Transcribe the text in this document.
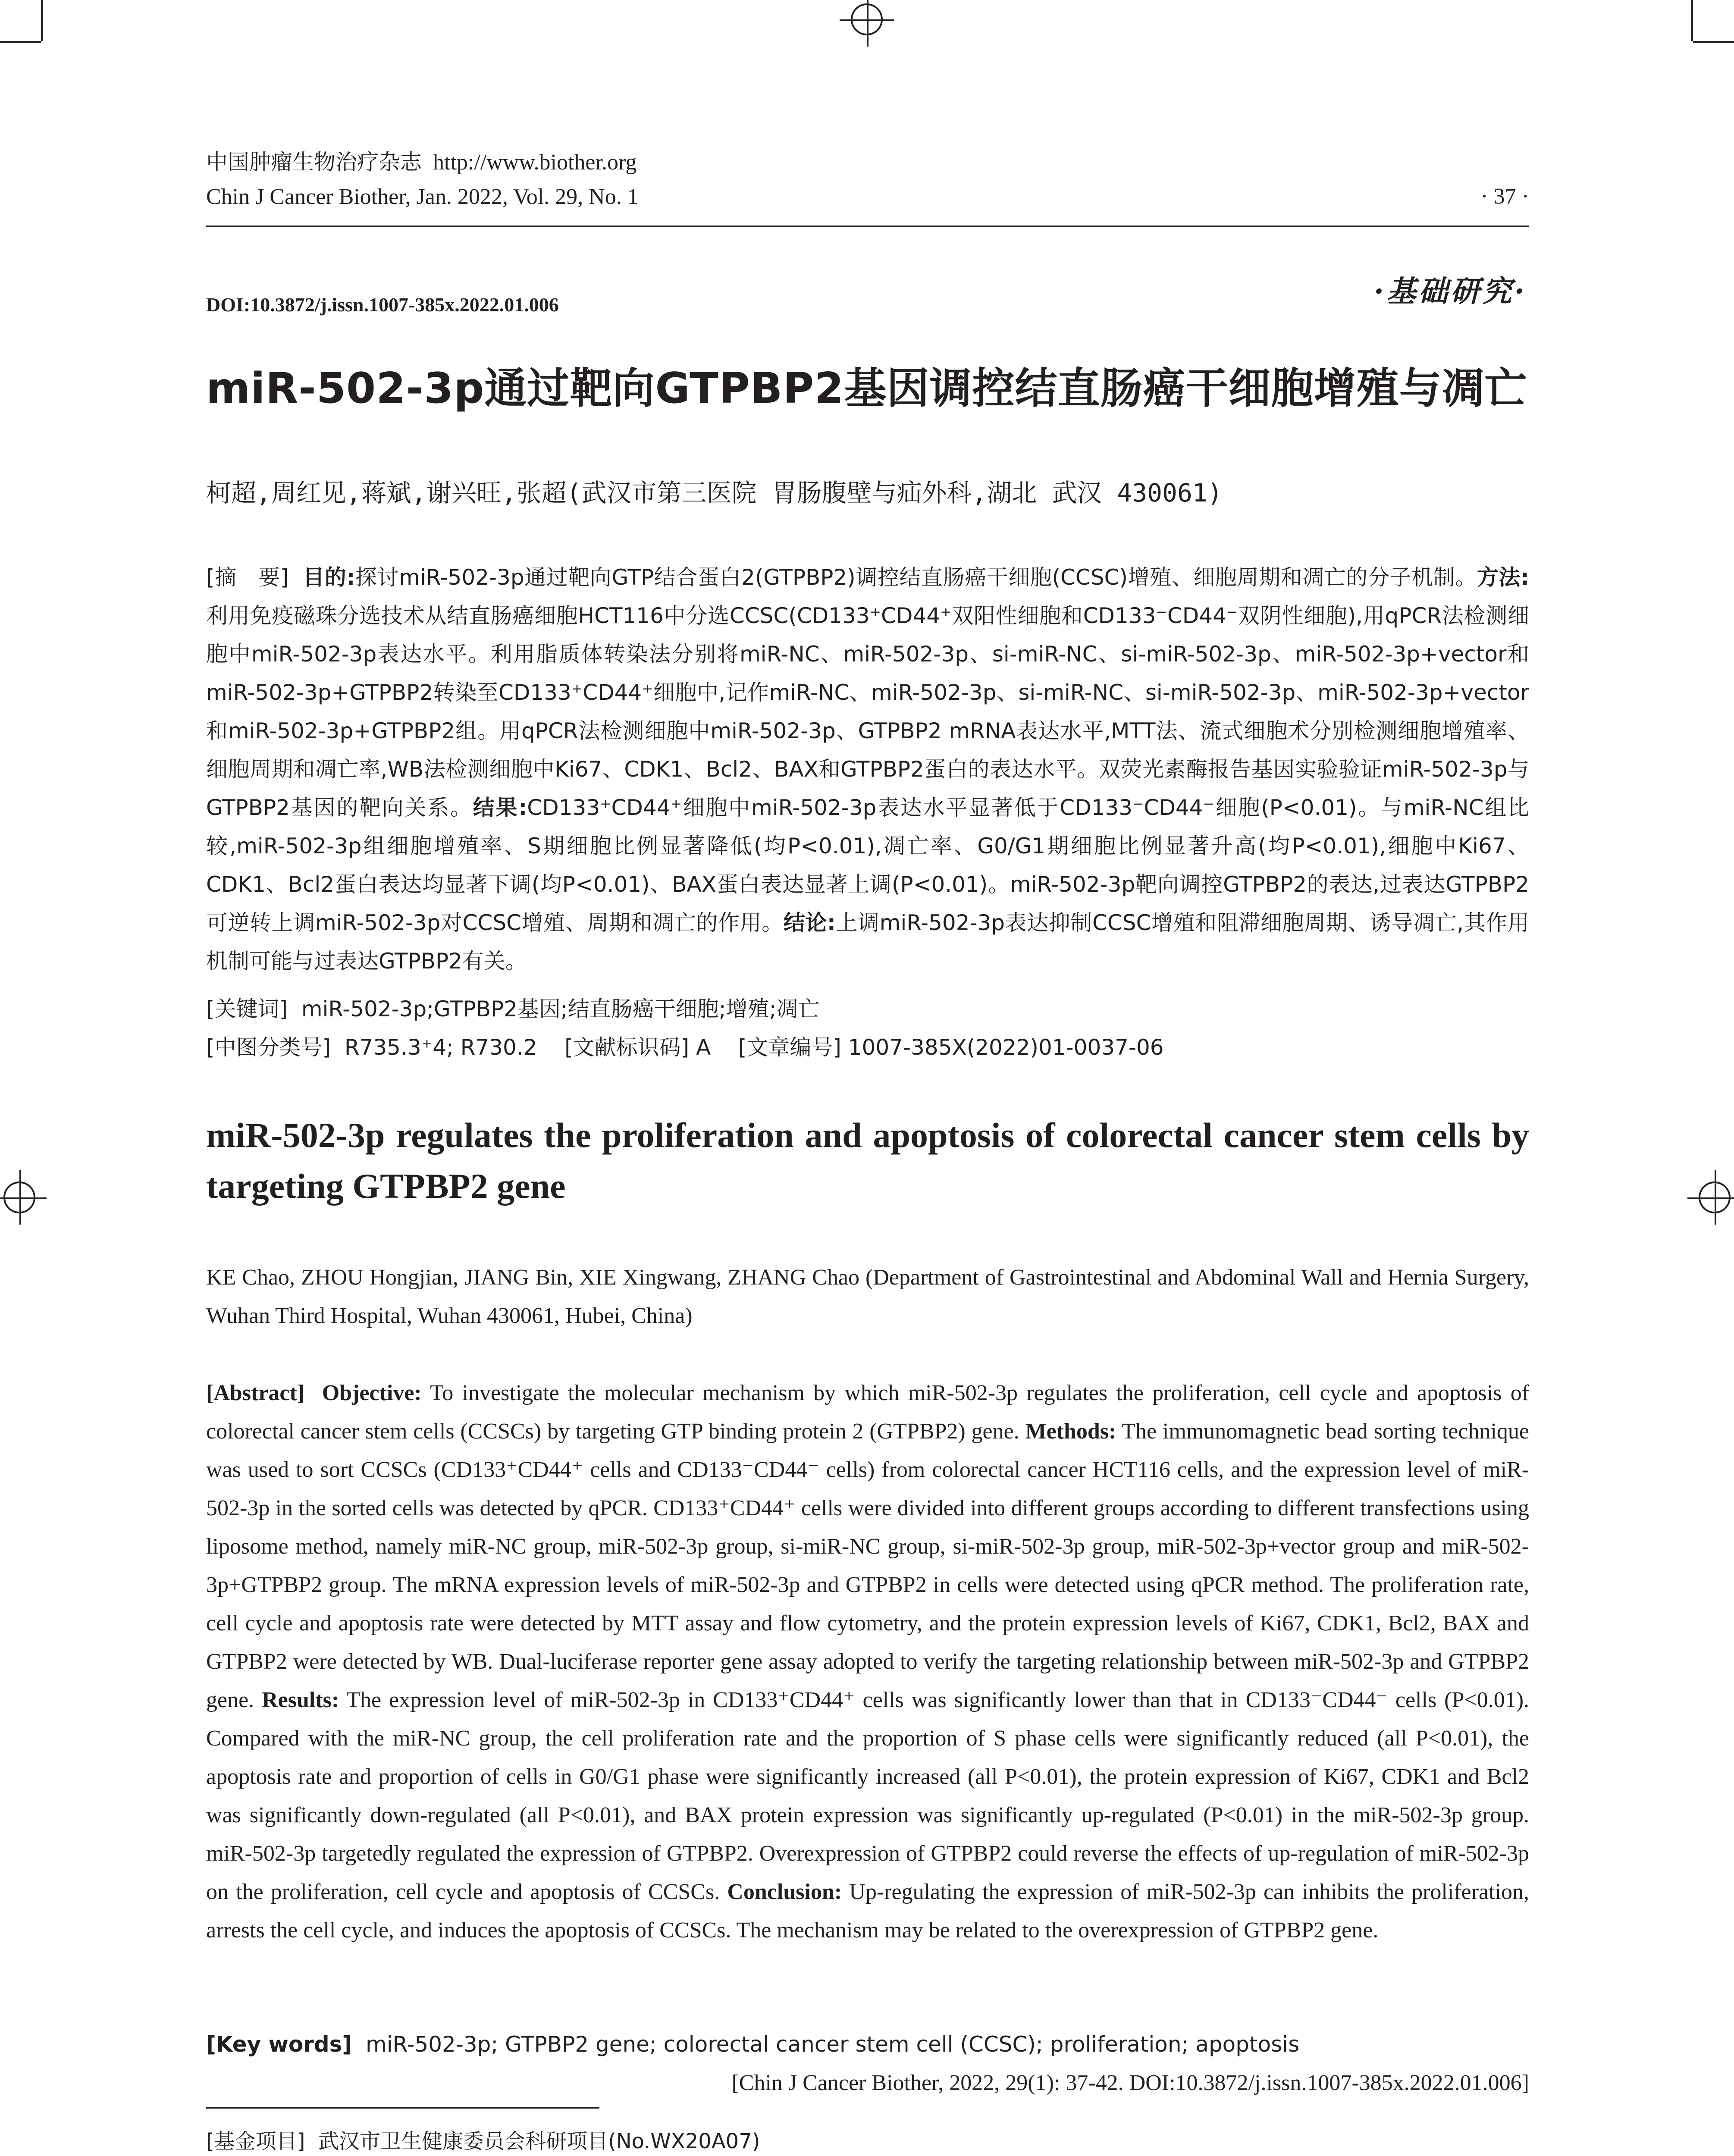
中国肿瘤生物治疗杂志 http://www.biother.org
Chin J Cancer Biother, Jan. 2022, Vol. 29, No. 1	· 37 ·
DOI:10.3872/j.issn.1007-385x.2022.01.006	·基础研究·
miR-502-3p通过靶向GTPBP2基因调控结直肠癌干细胞增殖与凋亡
柯超,周红见,蒋斌,谢兴旺,张超(武汉市第三医院 胃肠腹壁与疝外科,湖北 武汉 430061)
[摘　要] 目的:探讨miR-502-3p通过靶向GTP结合蛋白2(GTPBP2)调控结直肠癌干细胞(CCSC)增殖、细胞周期和凋亡的分子机制。方法:利用免疫磁珠分选技术从结直肠癌细胞HCT116中分选CCSC(CD133⁺CD44⁺双阳性细胞和CD133⁻CD44⁻双阴性细胞),用qPCR法检测细胞中miR-502-3p表达水平。利用脂质体转染法分别将miR-NC、miR-502-3p、si-miR-NC、si-miR-502-3p、miR-502-3p+vector和miR-502-3p+GTPBP2转染至CD133⁺CD44⁺细胞中,记作miR-NC、miR-502-3p、si-miR-NC、si-miR-502-3p、miR-502-3p+vector和miR-502-3p+GTPBP2组。用qPCR法检测细胞中miR-502-3p、GTPBP2 mRNA表达水平,MTT法、流式细胞术分别检测细胞增殖率、细胞周期和凋亡率,WB法检测细胞中Ki67、CDK1、Bcl2、BAX和GTPBP2蛋白的表达水平。双荧光素酶报告基因实验验证miR-502-3p与GTPBP2基因的靶向关系。结果:CD133⁺CD44⁺细胞中miR-502-3p表达水平显著低于CD133⁻CD44⁻细胞(P<0.01)。与miR-NC组比较,miR-502-3p组细胞增殖率、S期细胞比例显著降低(均P<0.01),凋亡率、G0/G1期细胞比例显著升高(均P<0.01),细胞中Ki67、CDK1、Bcl2蛋白表达均显著下调(均P<0.01)、BAX蛋白表达显著上调(P<0.01)。miR-502-3p靶向调控GTPBP2的表达,过表达GTPBP2可逆转上调miR-502-3p对CCSC增殖、周期和凋亡的作用。结论:上调miR-502-3p表达抑制CCSC增殖和阻滞细胞周期、诱导凋亡,其作用机制可能与过表达GTPBP2有关。
[关键词] miR-502-3p;GTPBP2基因;结直肠癌干细胞;增殖;凋亡
[中图分类号] R735.3⁺4; R730.2 [文献标识码] A [文章编号] 1007-385X(2022)01-0037-06
miR-502-3p regulates the proliferation and apoptosis of colorectal cancer stem cells by targeting GTPBP2 gene
KE Chao, ZHOU Hongjian, JIANG Bin, XIE Xingwang, ZHANG Chao (Department of Gastrointestinal and Abdominal Wall and Hernia Surgery, Wuhan Third Hospital, Wuhan 430061, Hubei, China)
[Abstract] Objective: To investigate the molecular mechanism by which miR-502-3p regulates the proliferation, cell cycle and apoptosis of colorectal cancer stem cells (CCSCs) by targeting GTP binding protein 2 (GTPBP2) gene. Methods: The immunomagnetic bead sorting technique was used to sort CCSCs (CD133⁺CD44⁺ cells and CD133⁻CD44⁻ cells) from colorectal cancer HCT116 cells, and the expression level of miR-502-3p in the sorted cells was detected by qPCR. CD133⁺CD44⁺ cells were divided into different groups according to different transfections using liposome method, namely miR-NC group, miR-502-3p group, si-miR-NC group, si-miR-502-3p group, miR-502-3p+vector group and miR-502-3p+GTPBP2 group. The mRNA expression levels of miR-502-3p and GTPBP2 in cells were detected using qPCR method. The proliferation rate, cell cycle and apoptosis rate were detected by MTT assay and flow cytometry, and the protein expression levels of Ki67, CDK1, Bcl2, BAX and GTPBP2 were detected by WB. Dual-luciferase reporter gene assay adopted to verify the targeting relationship between miR-502-3p and GTPBP2 gene. Results: The expression level of miR-502-3p in CD133⁺CD44⁺ cells was significantly lower than that in CD133⁻CD44⁻ cells (P<0.01). Compared with the miR-NC group, the cell proliferation rate and the proportion of S phase cells were significantly reduced (all P<0.01), the apoptosis rate and proportion of cells in G0/G1 phase were significantly increased (all P<0.01), the protein expression of Ki67, CDK1 and Bcl2 was significantly down-regulated (all P<0.01), and BAX protein expression was significantly up-regulated (P<0.01) in the miR-502-3p group. miR-502-3p targetedly regulated the expression of GTPBP2. Overexpression of GTPBP2 could reverse the effects of up-regulation of miR-502-3p on the proliferation, cell cycle and apoptosis of CCSCs. Conclusion: Up-regulating the expression of miR-502-3p can inhibits the proliferation, arrests the cell cycle, and induces the apoptosis of CCSCs. The mechanism may be related to the overexpression of GTPBP2 gene.
[Key words] miR-502-3p; GTPBP2 gene; colorectal cancer stem cell (CCSC); proliferation; apoptosis
[Chin J Cancer Biother, 2022, 29(1): 37-42. DOI:10.3872/j.issn.1007-385x.2022.01.006]
[基金项目] 武汉市卫生健康委员会科研项目(No.WX20A07)
